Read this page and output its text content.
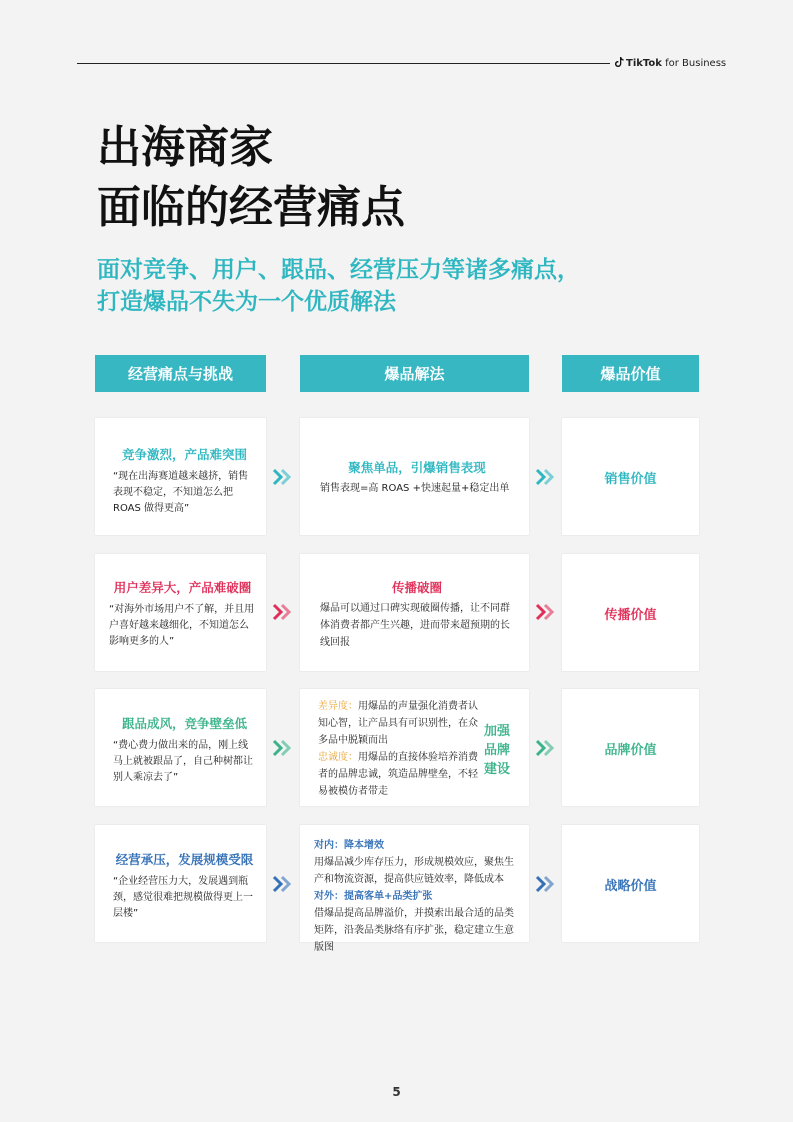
TikTok for Business
出海商家
面临的经营痛点
面对竞争、用户、跟品、经营压力等诸多痛点，
打造爆品不失为一个优质解法
经营痛点与挑战	爆品解法	爆品价值
竞争激烈，产品难突围
“现在出海赛道越来越挤，销售表现不稳定，不知道怎么把 ROAS 做得更高”
聚焦单品，引爆销售表现
销售表现=高 ROAS +快速起量+稳定出单
销售价值
用户差异大，产品难破圈
“对海外市场用户不了解，并且用户喜好越来越细化，不知道怎么影响更多的人”
传播破圈
爆品可以通过口碑实现破圈传播，让不同群体消费者都产生兴趣，进而带来超预期的长线回报
传播价值
跟品成风，竞争壁垒低
“费心费力做出来的品，刚上线马上就被跟品了，自己种树都让别人乘凉去了”
差异度：用爆品的声量强化消费者认知心智，让产品具有可识别性，在众多品中脱颖而出
忠诚度：用爆品的直接体验培养消费者的品牌忠诚，筑造品牌壁垒，不轻易被模仿者带走
加强
品牌
建设
品牌价值
经营承压，发展规模受限
“企业经营压力大，发展遇到瓶颈，感觉很难把规模做得更上一层楼”
对内：降本增效
用爆品减少库存压力，形成规模效应，聚焦生产和物流资源，提高供应链效率，降低成本
对外：提高客单+品类扩张
借爆品提高品牌溢价，并摸索出最合适的品类矩阵，沿袭品类脉络有序扩张，稳定建立生意版图
战略价值
5
